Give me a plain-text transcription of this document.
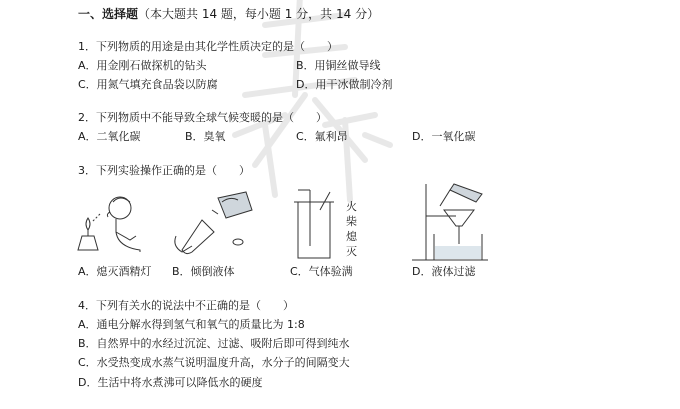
一、选择题（本大题共 14 题，每小题 1 分，共 14 分）
1．下列物质的用途是由其化学性质决定的是（　　）
A．用金刚石做探机的钻头	B．用铜丝做导线
C．用氮气填充食品袋以防腐	D．用干冰做制冷剂
2．下列物质中不能导致全球气候变暖的是（　　）
A．二氧化碳	B．臭氧	C．氟利昂	D．一氧化碳
3．下列实验操作正确的是（　　）
A．熄灭酒精灯 B．倾倒液体
火
柴
熄
灭
C．气体验满	D．液体过滤
4．下列有关水的说法中不正确的是（　　）
A．通电分解水得到氢气和氧气的质量比为 1:8
B．自然界中的水经过沉淀、过滤、吸附后即可得到纯水
C．水受热变成水蒸气说明温度升高，水分子的间隔变大
D．生活中将水煮沸可以降低水的硬度
